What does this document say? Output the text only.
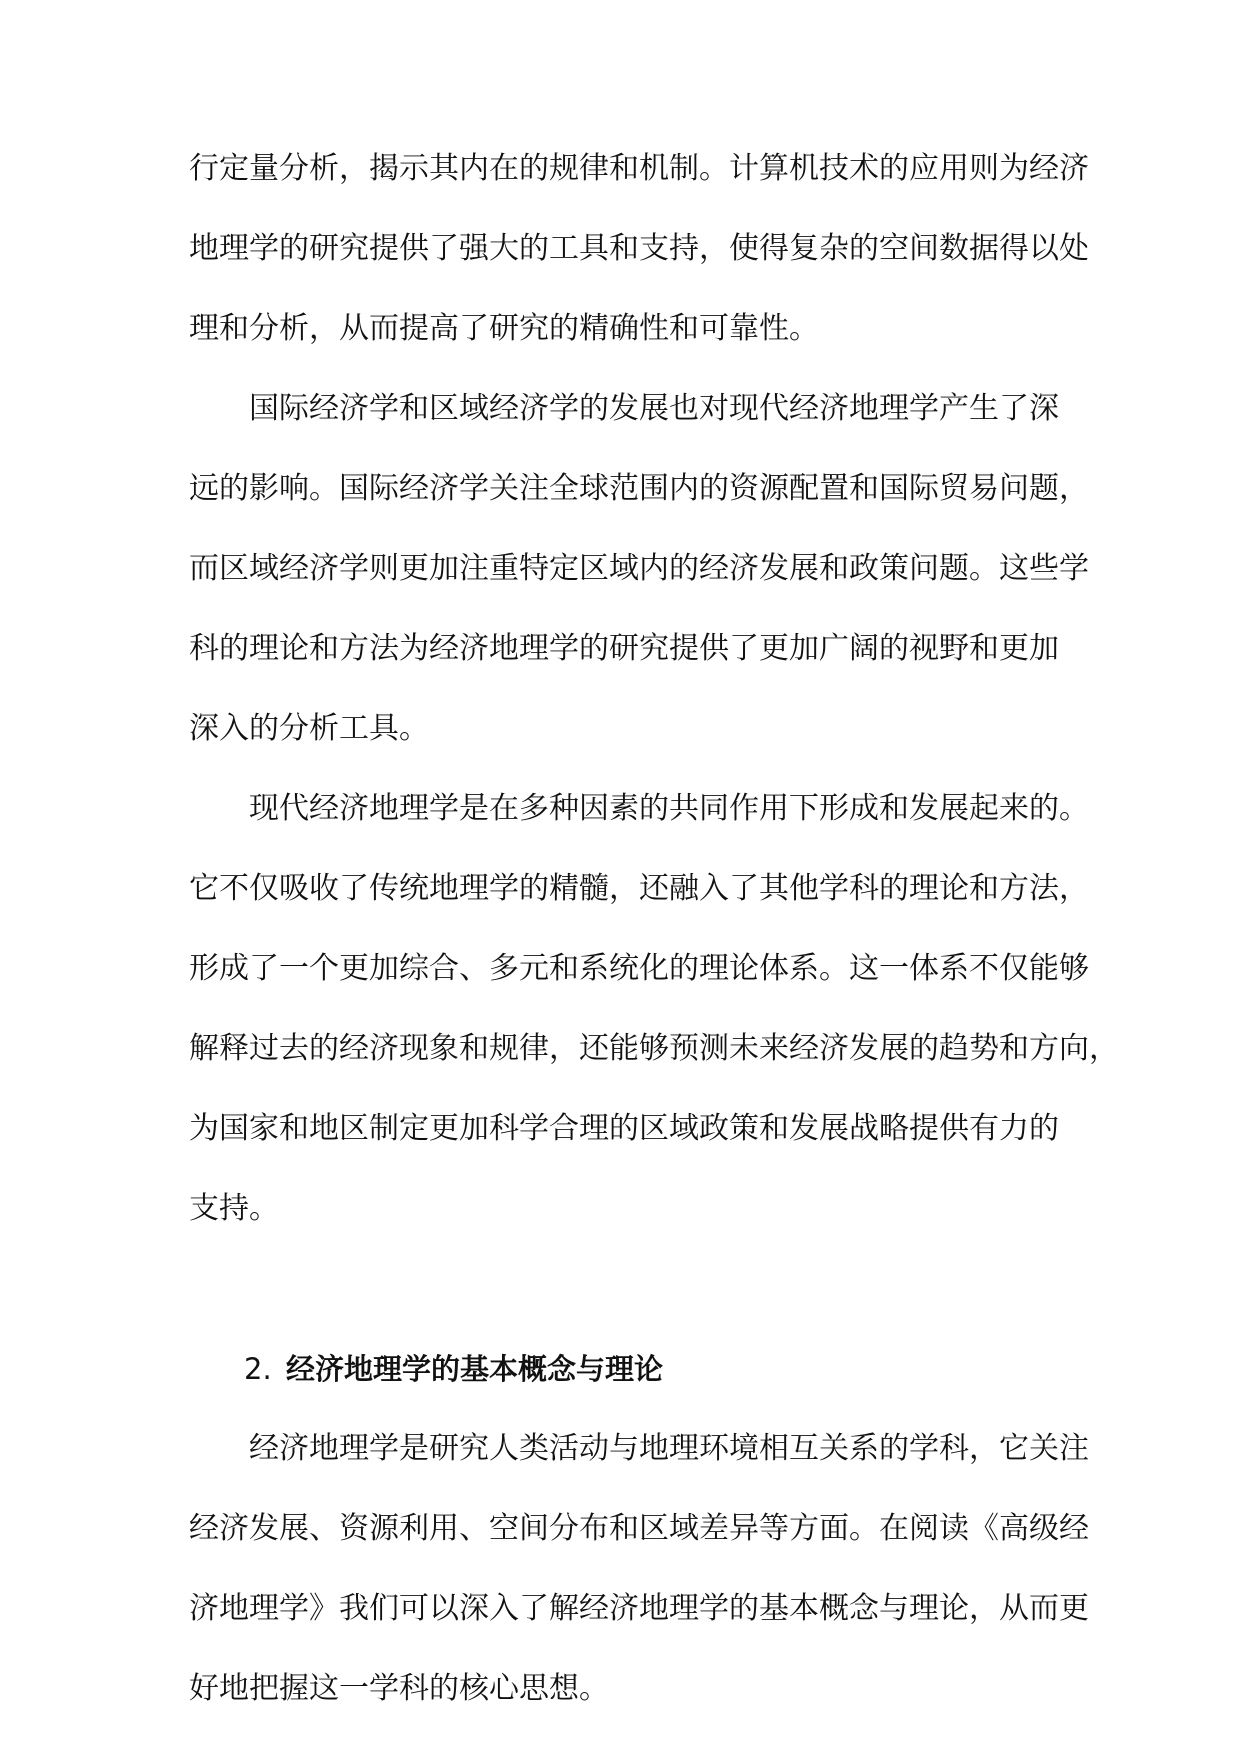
行定量分析，揭示其内在的规律和机制。计算机技术的应用则为经济
地理学的研究提供了强大的工具和支持，使得复杂的空间数据得以处
理和分析，从而提高了研究的精确性和可靠性。
国际经济学和区域经济学的发展也对现代经济地理学产生了深
远的影响。国际经济学关注全球范围内的资源配置和国际贸易问题，
而区域经济学则更加注重特定区域内的经济发展和政策问题。这些学
科的理论和方法为经济地理学的研究提供了更加广阔的视野和更加
深入的分析工具。
现代经济地理学是在多种因素的共同作用下形成和发展起来的。
它不仅吸收了传统地理学的精髓，还融入了其他学科的理论和方法，
形成了一个更加综合、多元和系统化的理论体系。这一体系不仅能够
解释过去的经济现象和规律，还能够预测未来经济发展的趋势和方向，
为国家和地区制定更加科学合理的区域政策和发展战略提供有力的
支持。
2. 经济地理学的基本概念与理论
经济地理学是研究人类活动与地理环境相互关系的学科，它关注
经济发展、资源利用、空间分布和区域差异等方面。在阅读《高级经
济地理学》我们可以深入了解经济地理学的基本概念与理论，从而更
好地把握这一学科的核心思想。
